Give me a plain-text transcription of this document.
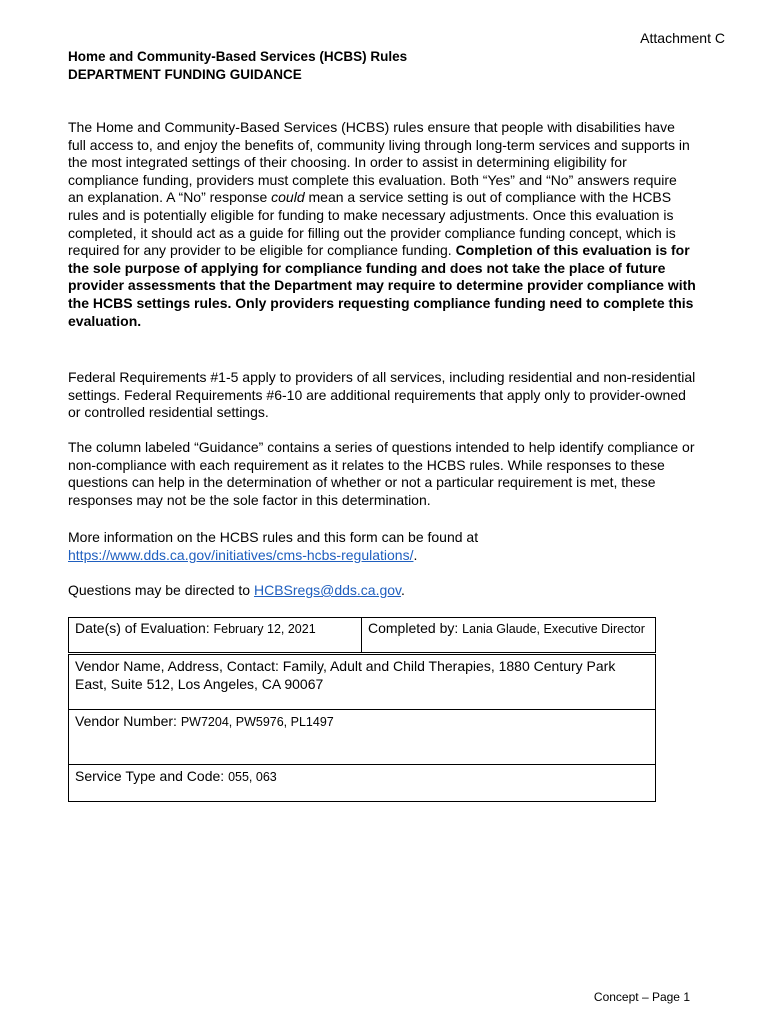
Attachment C
Home and Community-Based Services (HCBS) Rules
DEPARTMENT FUNDING GUIDANCE

The Home and Community-Based Services (HCBS) rules ensure that people with disabilities have full access to, and enjoy the benefits of, community living through long-term services and supports in the most integrated settings of their choosing. In order to assist in determining eligibility for compliance funding, providers must complete this evaluation. Both “Yes” and “No” answers require an explanation. A “No” response could mean a service setting is out of compliance with the HCBS rules and is potentially eligible for funding to make necessary adjustments. Once this evaluation is completed, it should act as a guide for filling out the provider compliance funding concept, which is required for any provider to be eligible for compliance funding. Completion of this evaluation is for the sole purpose of applying for compliance funding and does not take the place of future provider assessments that the Department may require to determine provider compliance with the HCBS settings rules. Only providers requesting compliance funding need to complete this evaluation.

Federal Requirements #1-5 apply to providers of all services, including residential and non-residential settings. Federal Requirements #6-10 are additional requirements that apply only to provider-owned or controlled residential settings.

The column labeled “Guidance” contains a series of questions intended to help identify compliance or non-compliance with each requirement as it relates to the HCBS rules. While responses to these questions can help in the determination of whether or not a particular requirement is met, these responses may not be the sole factor in this determination.

More information on the HCBS rules and this form can be found at https://www.dds.ca.gov/initiatives/cms-hcbs-regulations/.

Questions may be directed to HCBSregs@dds.ca.gov.

Date(s) of Evaluation: February 12, 2021	Completed by: Lania Glaude, Executive Director
Vendor Name, Address, Contact: Family, Adult and Child Therapies, 1880 Century Park East, Suite 512, Los Angeles, CA 90067
Vendor Number: PW7204, PW5976, PL1497
Service Type and Code: 055, 063
Concept – Page 1
